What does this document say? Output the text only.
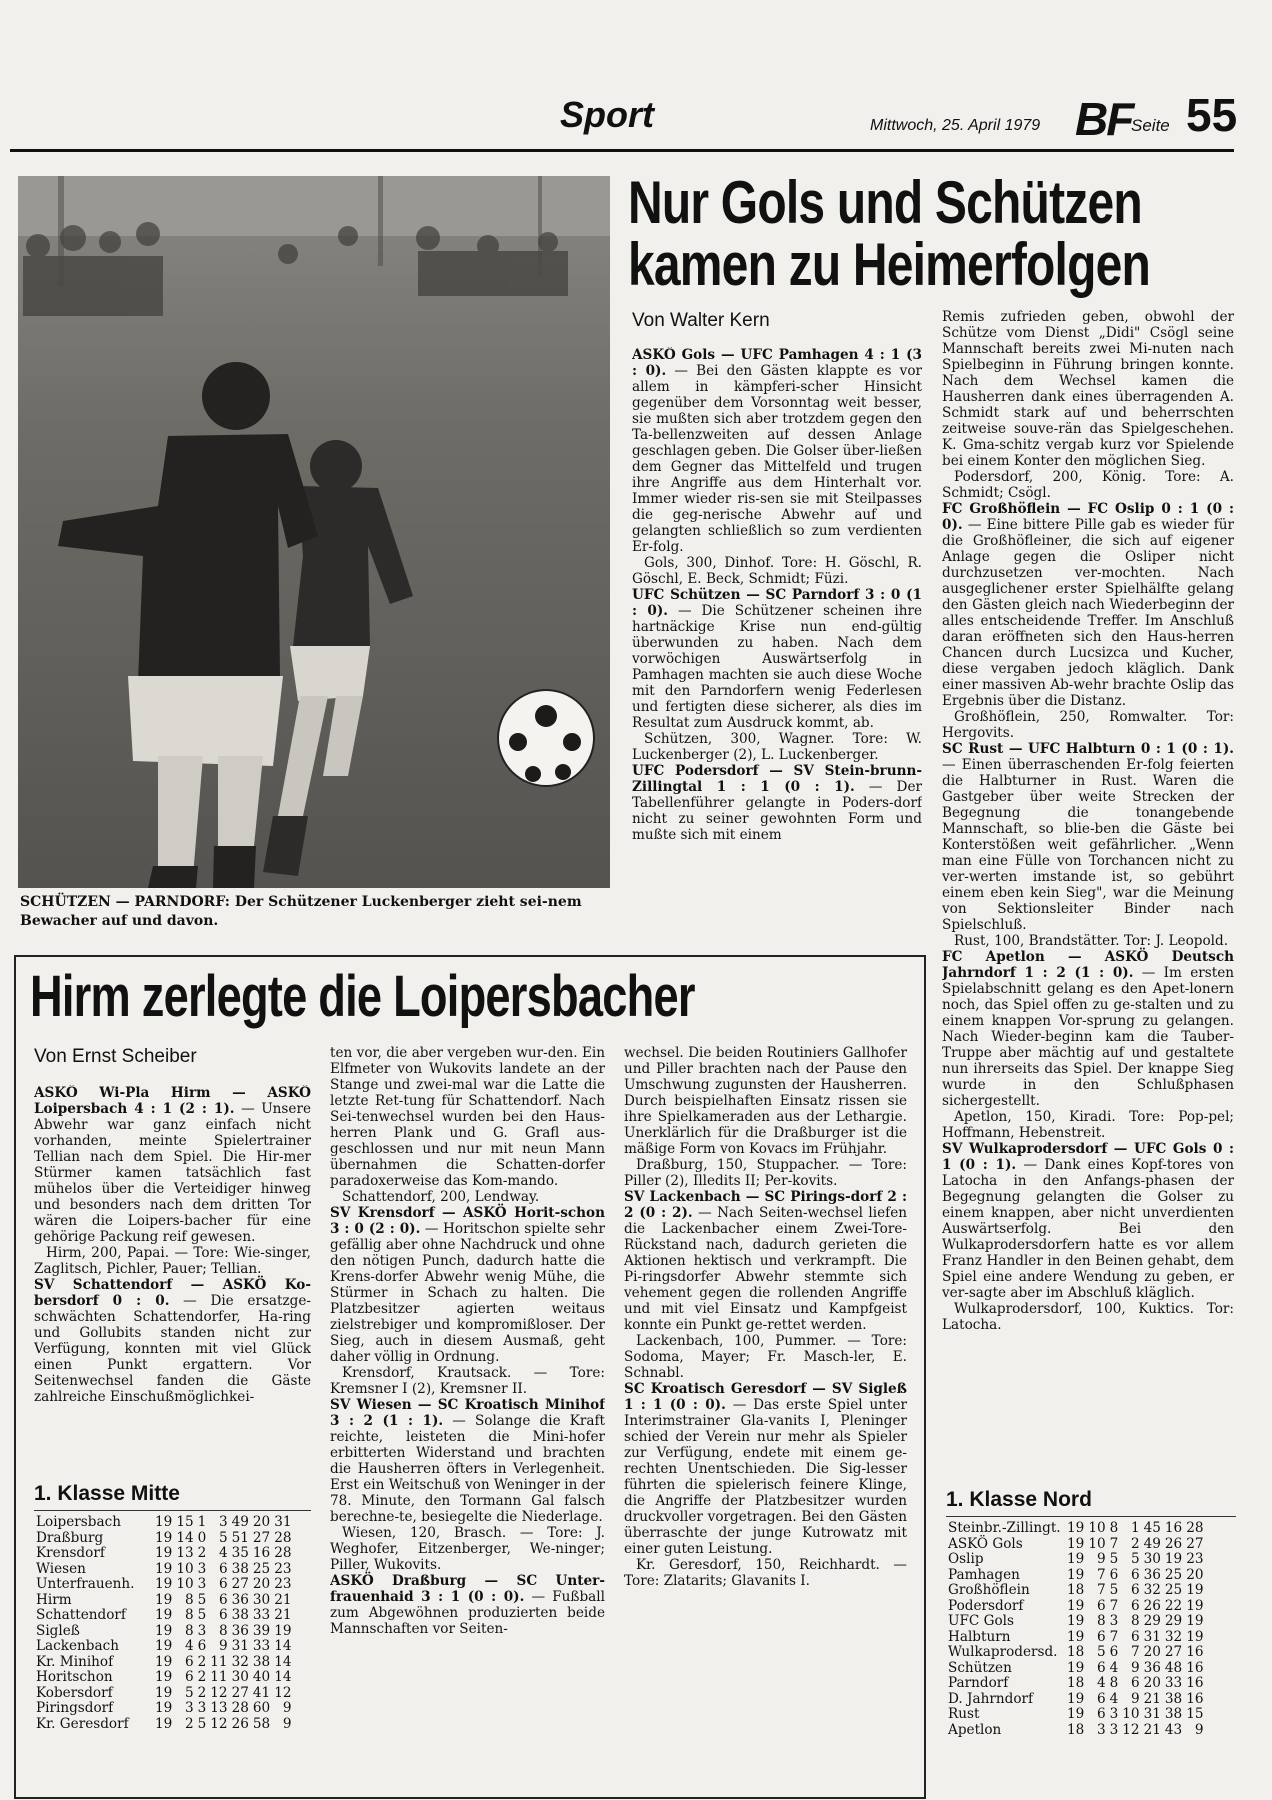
Sport	Mittwoch, 25. April 1979 BF
Seite 55

SCHÜTZEN — PARNDORF: Der Schützener Luckenberger zieht sei-nem Bewacher auf und davon.

Nur Gols und Schützen
kamen zu Heimerfolgen

Von Walter Kern

ASKÖ Gols — UFC Pamhagen 4 : 1 (3 : 0). — Bei den Gästen klappte es vor allem in kämpferi-scher Hinsicht gegenüber dem Vorsonntag weit besser, sie mußten sich aber trotzdem gegen den Ta-bellenzweiten auf dessen Anlage geschlagen geben. Die Golser über-ließen dem Gegner das Mittelfeld und trugen ihre Angriffe aus dem Hinterhalt vor. Immer wieder ris-sen sie mit Steilpasses die geg-nerische Abwehr auf und gelangten schließlich so zum verdienten Er-folg.

Gols, 300, Dinhof. Tore: H. Göschl, R. Göschl, E. Beck, Schmidt; Füzi.

UFC Schützen — SC Parndorf 3 : 0 (1 : 0). — Die Schützener scheinen ihre hartnäckige Krise nun end-gültig überwunden zu haben. Nach dem vorwöchigen Auswärtserfolg in Pamhagen machten sie auch diese Woche mit den Parndorfern wenig Federlesen und fertigten diese sicherer, als dies im Resultat zum Ausdruck kommt, ab.

Schützen, 300, Wagner. Tore: W. Luckenberger (2), L. Luckenberger.

UFC Podersdorf — SV Stein-brunn-Zillingtal 1 : 1 (0 : 1). — Der Tabellenführer gelangte in Poders-dorf nicht zu seiner gewohnten Form und mußte sich mit einem

Remis zufrieden geben, obwohl der Schütze vom Dienst „Didi" Csögl seine Mannschaft bereits zwei Mi-nuten nach Spielbeginn in Führung bringen konnte. Nach dem Wechsel kamen die Hausherren dank eines überragenden A. Schmidt stark auf und beherrschten zeitweise souve-rän das Spielgeschehen. K. Gma-schitz vergab kurz vor Spielende bei einem Konter den möglichen Sieg.

Podersdorf, 200, König. Tore: A. Schmidt; Csögl.

FC Großhöflein — FC Oslip 0 : 1 (0 : 0). — Eine bittere Pille gab es wieder für die Großhöfleiner, die sich auf eigener Anlage gegen die Osliper nicht durchzusetzen ver-mochten. Nach ausgeglichener erster Spielhälfte gelang den Gästen gleich nach Wiederbeginn der alles entscheidende Treffer. Im Anschluß daran eröffneten sich den Haus-herren Chancen durch Lucsizca und Kucher, diese vergaben jedoch kläglich. Dank einer massiven Ab-wehr brachte Oslip das Ergebnis über die Distanz.

Großhöflein, 250, Romwalter. Tor: Hergovits.

SC Rust — UFC Halbturn 0 : 1 (0 : 1). — Einen überraschenden Er-folg feierten die Halbturner in Rust. Waren die Gastgeber über weite Strecken der Begegnung die tonangebende Mannschaft, so blie-ben die Gäste bei Konterstößen weit gefährlicher. „Wenn man eine Fülle von Torchancen nicht zu ver-werten imstande ist, so gebührt einem eben kein Sieg", war die Meinung von Sektionsleiter Binder nach Spielschluß.

Rust, 100, Brandstätter. Tor: J. Leopold.

FC Apetlon — ASKÖ Deutsch Jahrndorf 1 : 2 (1 : 0). — Im ersten Spielabschnitt gelang es den Apet-lonern noch, das Spiel offen zu ge-stalten und zu einem knappen Vor-sprung zu gelangen. Nach Wieder-beginn kam die Tauber-Truppe aber mächtig auf und gestaltete nun ihrerseits das Spiel. Der knappe Sieg wurde in den Schlußphasen sichergestellt.

Apetlon, 150, Kiradi. Tore: Pop-pel; Hoffmann, Hebenstreit.

SV Wulkaprodersdorf — UFC Gols 0 : 1 (0 : 1). — Dank eines Kopf-tores von Latocha in den Anfangs-phasen der Begegnung gelangten die Golser zu einem knappen, aber nicht unverdienten Auswärtserfolg. Bei den Wulkaprodersdorfern hatte es vor allem Franz Handler in den Beinen gehabt, dem Spiel eine andere Wendung zu geben, er ver-sagte aber im Abschluß kläglich.

Wulkaprodersdorf, 100, Kuktics. Tor: Latocha.

1. Klasse Nord

Steinbr.-Zillingt.	19	10	8	1	45	16	28
ASKÖ Gols	19	10	7	2	49	26	27
Oslip	19	9	5	5	30	19	23
Pamhagen	19	7	6	6	36	25	20
Großhöflein	18	7	5	6	32	25	19
Podersdorf	19	6	7	6	26	22	19
UFC Gols	19	8	3	8	29	29	19
Halbturn	19	6	7	6	31	32	19
Wulkaprodersd.	18	5	6	7	20	27	16
Schützen	19	6	4	9	36	48	16
Parndorf	18	4	8	6	20	33	16
D. Jahrndorf	19	6	4	9	21	38	16
Rust	19	6	3	10	31	38	15
Apetlon	18	3	3	12	21	43	9
Hirm zerlegte die Loipersbacher

Von Ernst Scheiber

ASKÖ Wi-Pla Hirm — ASKÖ Loipersbach 4 : 1 (2 : 1). — Unsere Abwehr war ganz einfach nicht vorhanden, meinte Spielertrainer Tellian nach dem Spiel. Die Hir-mer Stürmer kamen tatsächlich fast mühelos über die Verteidiger hinweg und besonders nach dem dritten Tor wären die Loipers-bacher für eine gehörige Packung reif gewesen.

Hirm, 200, Papai. — Tore: Wie-singer, Zaglitsch, Pichler, Pauer; Tellian.

SV Schattendorf — ASKÖ Ko-bersdorf 0 : 0. — Die ersatzge-schwächten Schattendorfer, Ha-ring und Gollubits standen nicht zur Verfügung, konnten mit viel Glück einen Punkt ergattern. Vor Seitenwechsel fanden die Gäste zahlreiche Einschußmöglichkei-

1. Klasse Mitte

Loipersbach	19	15	1	3	49	20	31
Draßburg	19	14	0	5	51	27	28
Krensdorf	19	13	2	4	35	16	28
Wiesen	19	10	3	6	38	25	23
Unterfrauenh.	19	10	3	6	27	20	23
Hirm	19	8	5	6	36	30	21
Schattendorf	19	8	5	6	38	33	21
Sigleß	19	8	3	8	36	39	19
Lackenbach	19	4	6	9	31	33	14
Kr. Minihof	19	6	2	11	32	38	14
Horitschon	19	6	2	11	30	40	14
Kobersdorf	19	5	2	12	27	41	12
Piringsdorf	19	3	3	13	28	60	9
Kr. Geresdorf	19	2	5	12	26	58	9

ten vor, die aber vergeben wur-den. Ein Elfmeter von Wukovits landete an der Stange und zwei-mal war die Latte die letzte Ret-tung für Schattendorf. Nach Sei-tenwechsel wurden bei den Haus-herren Plank und G. Grafl aus-geschlossen und nur mit neun Mann übernahmen die Schatten-dorfer paradoxerweise das Kom-mando.

Schattendorf, 200, Lendway.

SV Krensdorf — ASKÖ Horit-schon 3 : 0 (2 : 0). — Horitschon spielte sehr gefällig aber ohne Nachdruck und ohne den nötigen Punch, dadurch hatte die Krens-dorfer Abwehr wenig Mühe, die Stürmer in Schach zu halten. Die Platzbesitzer agierten weitaus zielstrebiger und kompromißloser. Der Sieg, auch in diesem Ausmaß, geht daher völlig in Ordnung.

Krensdorf, Krautsack. — Tore: Kremsner I (2), Kremsner II.

SV Wiesen — SC Kroatisch Minihof 3 : 2 (1 : 1). — Solange die Kraft reichte, leisteten die Mini-hofer erbitterten Widerstand und brachten die Hausherren öfters in Verlegenheit. Erst ein Weitschuß von Weninger in der 78. Minute, den Tormann Gal falsch berechne-te, besiegelte die Niederlage.

Wiesen, 120, Brasch. — Tore: J. Weghofer, Eitzenberger, We-ninger; Piller, Wukovits.

ASKÖ Draßburg — SC Unter-frauenhaid 3 : 1 (0 : 0). — Fußball zum Abgewöhnen produzierten beide Mannschaften vor Seiten-

wechsel. Die beiden Routiniers Gallhofer und Piller brachten nach der Pause den Umschwung zugunsten der Hausherren. Durch beispielhaften Einsatz rissen sie ihre Spielkameraden aus der Lethargie. Unerklärlich für die Draßburger ist die mäßige Form von Kovacs im Frühjahr.

Draßburg, 150, Stuppacher. — Tore: Piller (2), Illedits II; Per-kovits.

SV Lackenbach — SC Pirings-dorf 2 : 2 (0 : 2). — Nach Seiten-wechsel liefen die Lackenbacher einem Zwei-Tore-Rückstand nach, dadurch gerieten die Aktionen hektisch und verkrampft. Die Pi-ringsdorfer Abwehr stemmte sich vehement gegen die rollenden Angriffe und mit viel Einsatz und Kampfgeist konnte ein Punkt ge-rettet werden.

Lackenbach, 100, Pummer. — Tore: Sodoma, Mayer; Fr. Masch-ler, E. Schnabl.

SC Kroatisch Geresdorf — SV Sigleß 1 : 1 (0 : 0). — Das erste Spiel unter Interimstrainer Gla-vanits I, Pleninger schied der Verein nur mehr als Spieler zur Verfügung, endete mit einem ge-rechten Unentschieden. Die Sig-lesser führten die spielerisch feinere Klinge, die Angriffe der Platzbesitzer wurden druckvoller vorgetragen. Bei den Gästen überraschte der junge Kutrowatz mit einer guten Leistung.

Kr. Geresdorf, 150, Reichhardt. — Tore: Zlatarits; Glavanits I.
